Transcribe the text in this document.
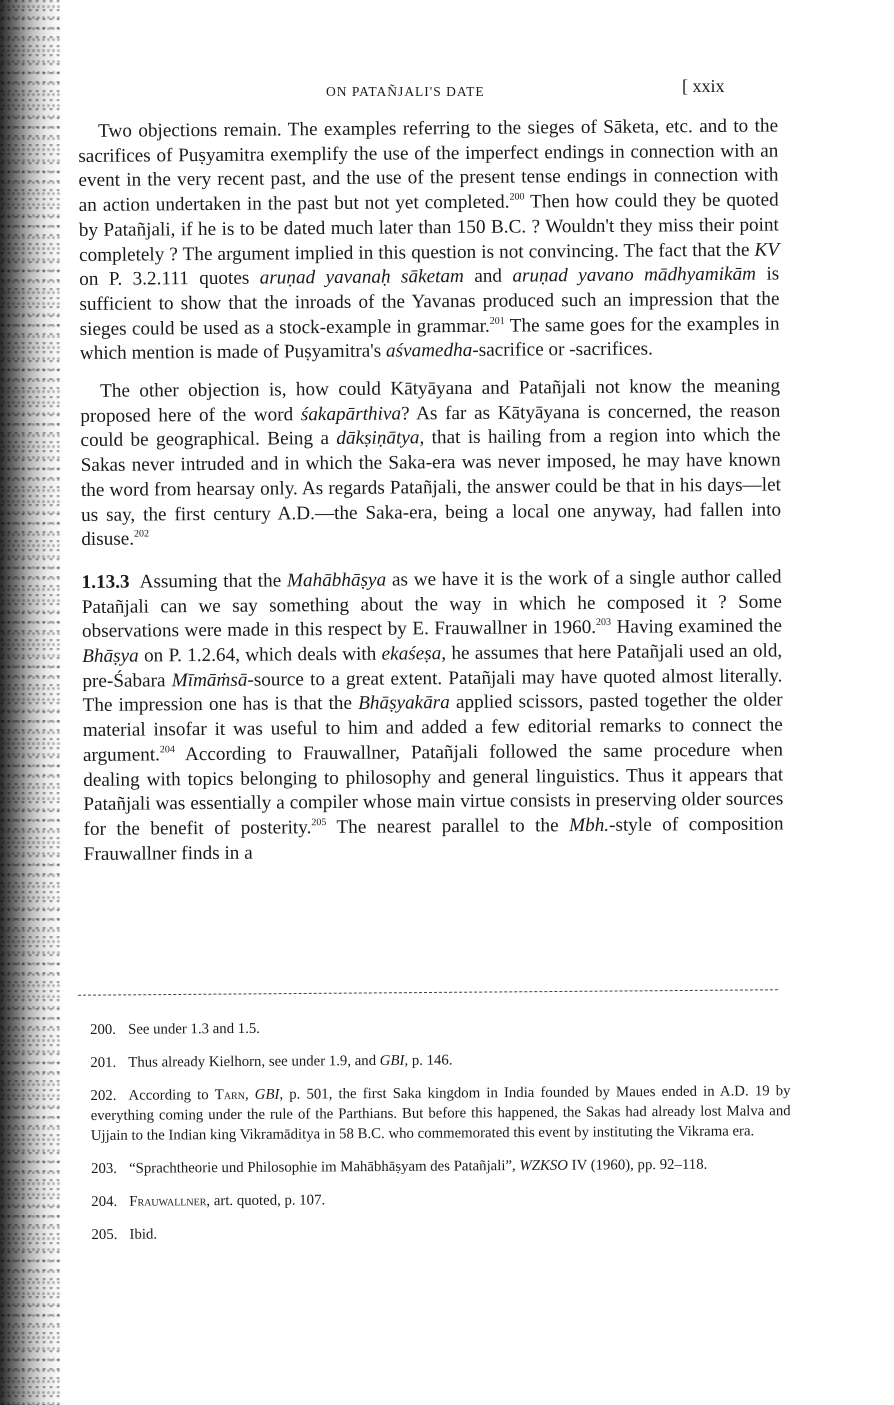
ON PATAÑJALI'S DATE	[ xxix

Two objections remain. The examples referring to the sieges of Sāketa, etc. and to the sacrifices of Puṣyamitra exemplify the use of the imperfect endings in connection with an event in the very recent past, and the use of the present tense endings in connection with an action undertaken in the past but not yet completed.$^{200}$ Then how could they be quoted by Patañjali, if he is to be dated much later than 150 B.C. ? Wouldn't they miss their point completely ? The argument implied in this question is not convincing. The fact that the KV on P. 3.2.111 quotes aruṇad yavanaḥ sāketam and aruṇad yavano mādhyamikām is sufficient to show that the inroads of the Yavanas produced such an impression that the sieges could be used as a stock-example in grammar.$^{201}$ The same goes for the examples in which mention is made of Puṣyamitra's aśvamedha-sacrifice or -sacrifices.

The other objection is, how could Kātyāyana and Patañjali not know the meaning proposed here of the word śakapārthiva? As far as Kātyāyana is concerned, the reason could be geographical. Being a dākṣiṇātya, that is hailing from a region into which the Sakas never intruded and in which the Saka-era was never imposed, he may have known the word from hearsay only. As regards Patañjali, the answer could be that in his days—let us say, the first century A.D.—the Saka-era, being a local one anyway, had fallen into disuse.$^{202}$

1.13.3 Assuming that the Mahābhāṣya as we have it is the work of a single author called Patañjali can we say something about the way in which he composed it ? Some observations were made in this respect by E. Frauwallner in 1960.$^{203}$ Having examined the Bhāṣya on P. 1.2.64, which deals with ekaśeṣa, he assumes that here Patañjali used an old, pre-Śabara Mīmāṁsā-source to a great extent. Patañjali may have quoted almost literally. The impression one has is that the Bhāṣyakāra applied scissors, pasted together the older material insofar it was useful to him and added a few editorial remarks to connect the argument.$^{204}$ According to Frauwallner, Patañjali followed the same procedure when dealing with topics belonging to philosophy and general linguistics. Thus it appears that Patañjali was essentially a compiler whose main virtue consists in preserving older sources for the benefit of posterity.$^{205}$ The nearest parallel to the Mbh.-style of composition Frauwallner finds in a

200. See under 1.3 and 1.5.
201. Thus already Kielhorn, see under 1.9, and GBI, p. 146.
202. According to Tarn, GBI, p. 501, the first Saka kingdom in India founded by Maues ended in A.D. 19 by everything coming under the rule of the Parthians. But before this happened, the Sakas had already lost Malva and Ujjain to the Indian king Vikramāditya in 58 B.C. who commemorated this event by instituting the Vikrama era.
203. “Sprachtheorie und Philosophie im Mahābhāṣyam des Patañjali”, WZKSO IV (1960), pp. 92–118.
204. Frauwallner, art. quoted, p. 107.
205. Ibid.
